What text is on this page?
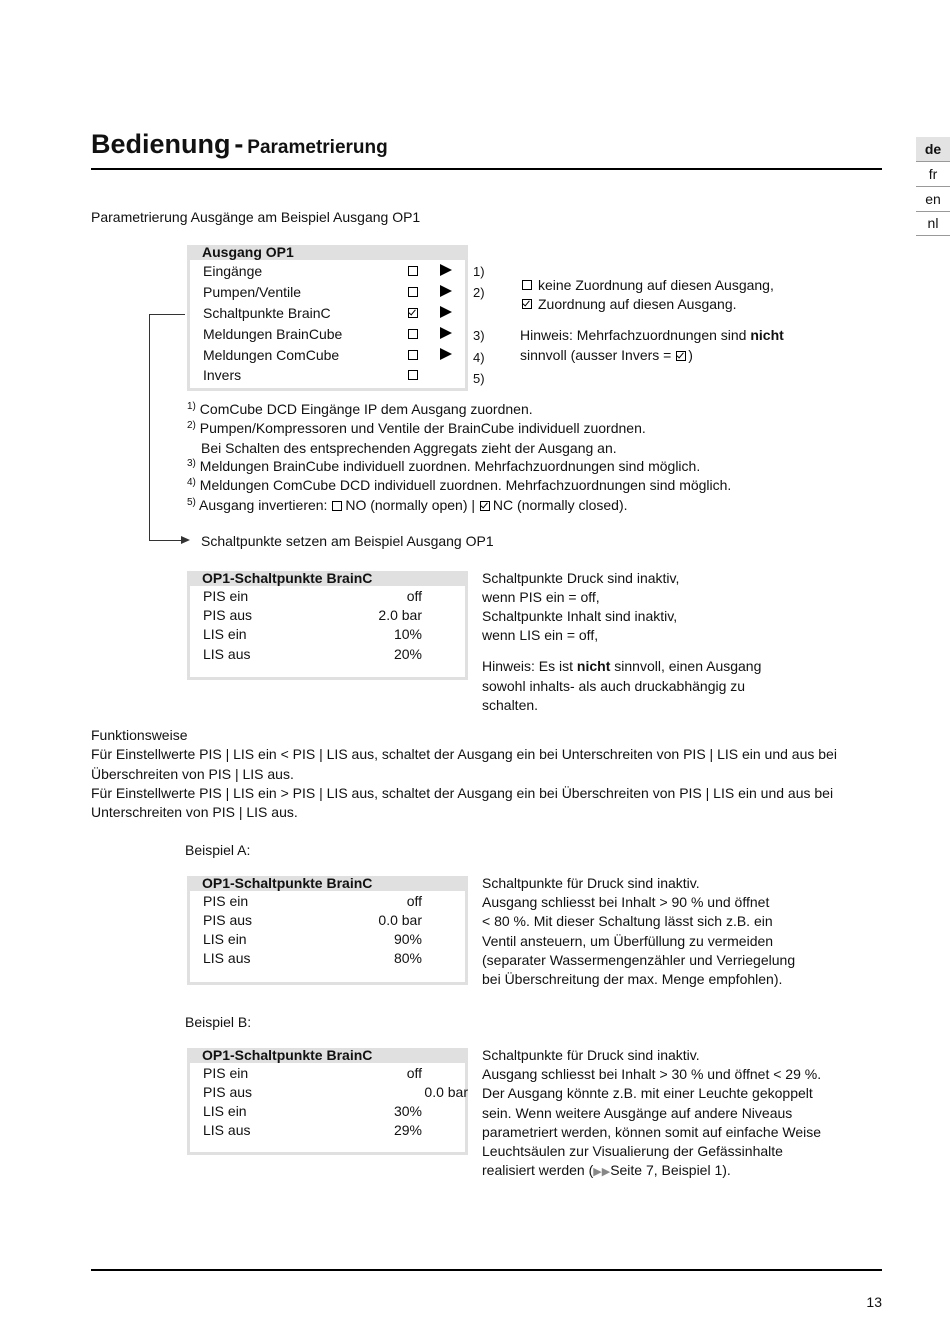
Bedienung - Parametrierung	de
fr
en
nl
Parametrierung Ausgänge am Beispiel Ausgang OP1
Ausgang OP1
Eingänge
Pumpen/Ventile
Schaltpunkte BrainC
Meldungen BrainCube
Meldungen ComCube
Invers
1)
2)
3)
4)
5)
keine Zuordnung auf diesen Ausgang,
Zuordnung auf diesen Ausgang.
Hinweis: Mehrfachzuordnungen sind nicht
sinnvoll (ausser Invers =
)
$^{1)}$ ComCube DCD Eingänge IP dem Ausgang zuordnen.
$^{2)}$ Pumpen/Kompressoren und Ventile der BrainCube individuell zuordnen.
Bei Schalten des entsprechenden Aggregats zieht der Ausgang an.
$^{3)}$ Meldungen BrainCube individuell zuordnen. Mehrfachzuordnungen sind möglich.
$^{4)}$ Meldungen ComCube DCD individuell zuordnen. Mehrfachzuordnungen sind möglich.
$^{5)}$ Ausgang invertieren:
NO (normally open) |
NC (normally closed).
Schaltpunkte setzen am Beispiel Ausgang OP1
OP1-Schaltpunkte BrainC
PIS ein
PIS aus
LIS ein
LIS aus
off
2.0 bar
10%
20%
Schaltpunkte Druck sind inaktiv,
wenn PIS ein = off,
Schaltpunkte Inhalt sind inaktiv,
wenn LIS ein = off,
Hinweis: Es ist nicht sinnvoll, einen Ausgang
sowohl inhalts- als auch druckabhängig zu
schalten.
Funktionsweise
Für Einstellwerte PIS | LIS ein < PIS | LIS aus, schaltet der Ausgang ein bei Unterschreiten von PIS | LIS ein und aus bei
Überschreiten von PIS | LIS aus.
Für Einstellwerte PIS | LIS ein > PIS | LIS aus, schaltet der Ausgang ein bei Überschreiten von PIS | LIS ein und aus bei
Unterschreiten von PIS | LIS aus.
Beispiel A:
OP1-Schaltpunkte BrainC
PIS ein
PIS aus
LIS ein
LIS aus
off
0.0 bar
90%
80%
Schaltpunkte für Druck sind inaktiv.
Ausgang schliesst bei Inhalt > 90 % und öffnet
< 80 %. Mit dieser Schaltung lässt sich z.B. ein
Ventil ansteuern, um Überfüllung zu vermeiden
(separater Wassermengenzähler und Verriegelung
bei Überschreitung der max. Menge empfohlen).
Beispiel B:
OP1-Schaltpunkte BrainC
PIS ein
PIS aus
LIS ein
LIS aus
off
0.0 bar
30%
29%
Schaltpunkte für Druck sind inaktiv.
Ausgang schliesst bei Inhalt > 30 % und öffnet < 29 %.
Der Ausgang könnte z.B. mit einer Leuchte gekoppelt
sein. Wenn weitere Ausgänge auf andere Niveaus
parametriert werden, können somit auf einfache Weise
Leuchtsäulen zur Visualierung der Gefässinhalte
realisiert werden (▶▶Seite 7, Beispiel 1).
13
